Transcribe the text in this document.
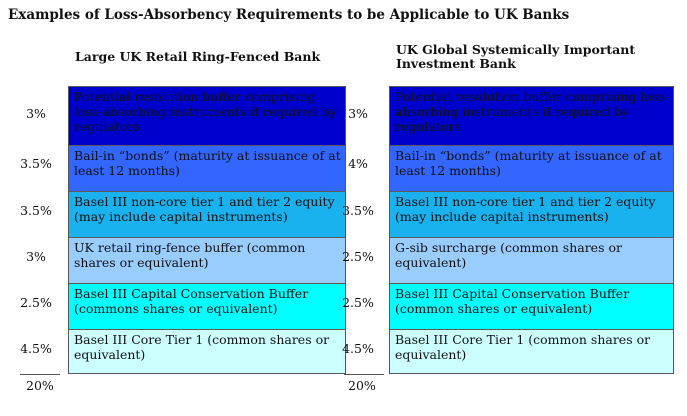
Examples of Loss-Absorbency Requirements to be Applicable to UK Banks
Large UK Retail Ring-Fenced Bank	UK Global Systemically Important Investment Bank
Potential resolution buffer comprising loss-absorbing instruments if required by regulators
Bail-in “bonds” (maturity at issuance of at least 12 months)
Basel III non-core tier 1 and tier 2 equity (may include capital instruments)
UK retail ring-fence buffer (common shares or equivalent)
Basel III Capital Conservation Buffer (commons shares or equivalent)
Basel III Core Tier 1 (common shares or equivalent)
Potential resolution buffer comprising loss-absorbing instruments if required by regulators
Bail-in “bonds” (maturity at issuance of at least 12 months)
Basel III non-core tier 1 and tier 2 equity (may include capital instruments)
G-sib surcharge (common shares or equivalent)
Basel III Capital Conservation Buffer (common shares or equivalent)
Basel III Core Tier 1 (common shares or equivalent)
3%
3.5%
3.5%
3%
2.5%
4.5%
3%
4%
3.5%
2.5%
2.5%
4.5%
20%	20%
